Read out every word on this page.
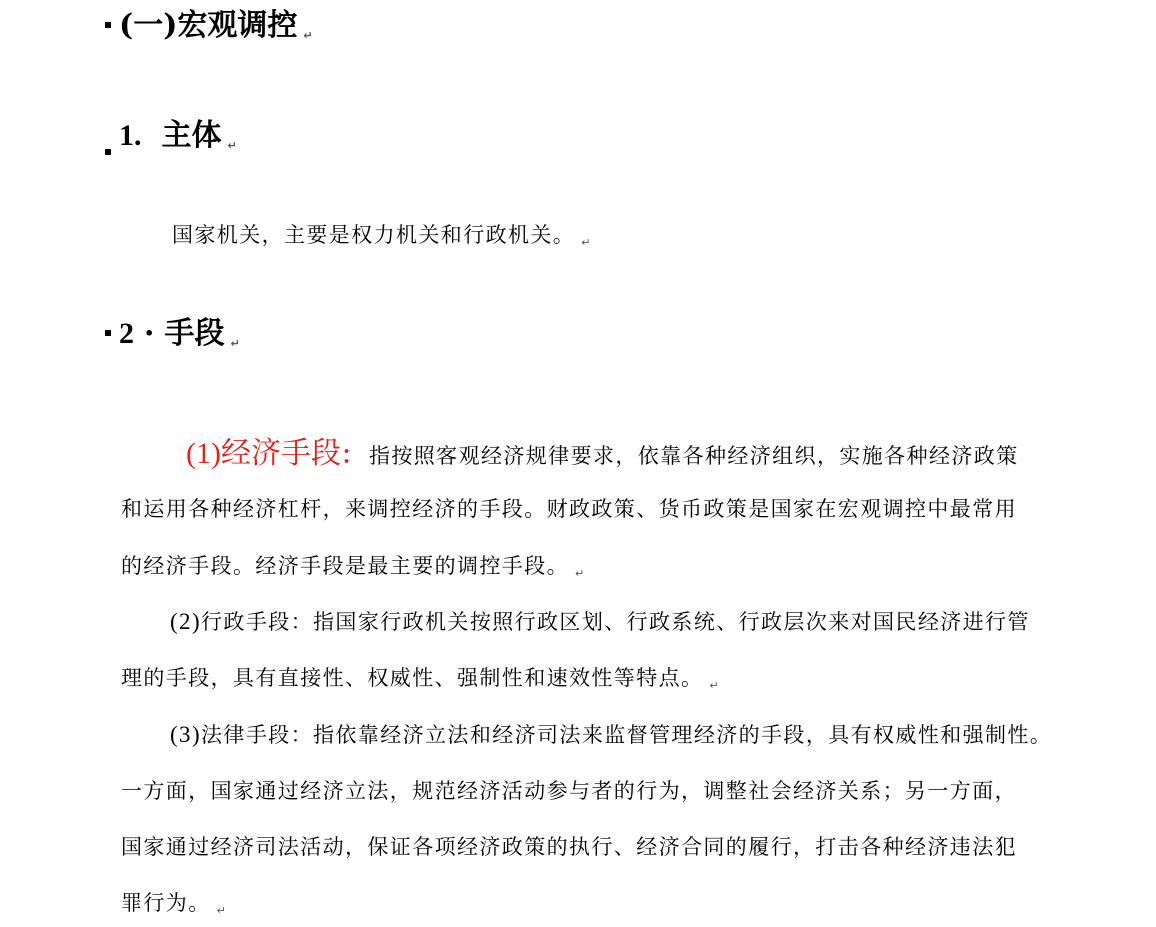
(一)宏观调控 ↵
1. 主体 ↵
国家机关，主要是权力机关和行政机关。 ↵
2 · 手段 ↵
(1)经济手段： 指按照客观经济规律要求，依靠各种经济组织，实施各种经济政策
和运用各种经济杠杆，来调控经济的手段。财政政策、货币政策是国家在宏观调控中最常用
的经济手段。经济手段是最主要的调控手段。 ↵
(2)行政手段：指国家行政机关按照行政区划、行政系统、行政层次来对国民经济进行管
理的手段，具有直接性、权威性、强制性和速效性等特点。 ↵
(3)法律手段：指依靠经济立法和经济司法来监督管理经济的手段，具有权威性和强制性。
一方面，国家通过经济立法，规范经济活动参与者的行为，调整社会经济关系；另一方面，
国家通过经济司法活动，保证各项经济政策的执行、经济合同的履行，打击各种经济违法犯
罪行为。 ↵
